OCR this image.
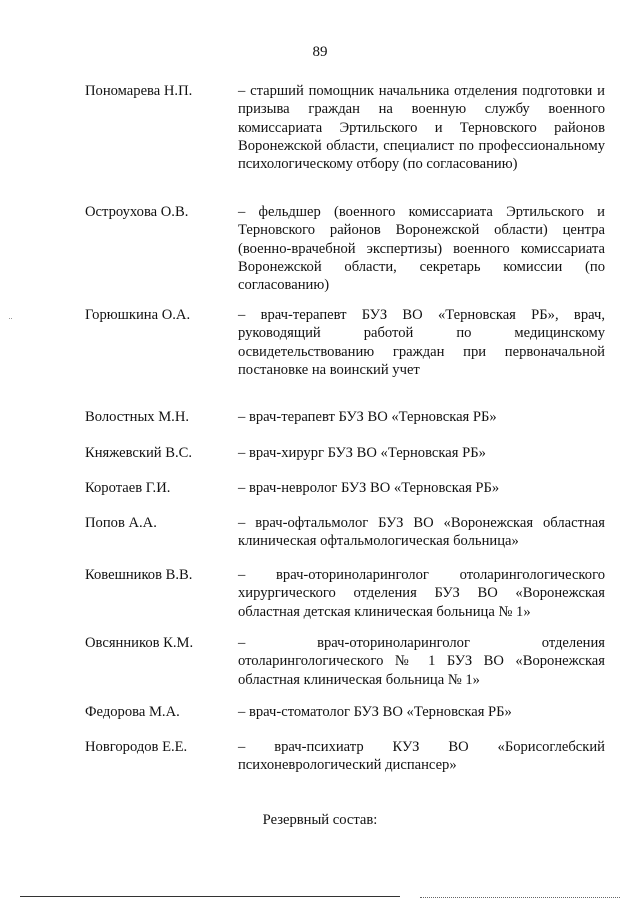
89
Пономарева Н.П.	– старший помощник начальника отделения подготовки и призыва граждан на военную службу военного комиссариата Эртильского и Терновского районов Воронежской области, специалист по профессиональному психологическому отбору (по согласованию)
Остроухова О.В.	– фельдшер (военного комиссариата Эртильского и Терновского районов Воронежской области) центра (военно-врачебной экспертизы) военного комиссариата Воронежской области, секретарь комиссии (по согласованию)
Горюшкина О.А.	– врач-терапевт БУЗ ВО «Терновская РБ», врач, руководящий работой по медицинскому освидетельствованию граждан при первоначальной постановке на воинский учет
Волостных М.Н.	– врач-терапевт БУЗ ВО «Терновская РБ»
Княжевский В.С.	– врач-хирург БУЗ ВО «Терновская РБ»
Коротаев Г.И.	– врач-невролог БУЗ ВО «Терновская РБ»
Попов А.А.	– врач-офтальмолог БУЗ ВО «Воронежская областная клиническая офтальмологическая больница»
Ковешников В.В.	– врач-оториноларинголог отоларингологического хирургического отделения БУЗ ВО «Воронежская областная детская клиническая больница № 1»
Овсянников К.М.	– врач-оториноларинголог отделения отоларингологического № 1 БУЗ ВО «Воронежская областная клиническая больница № 1»
Федорова М.А.	– врач-стоматолог БУЗ ВО «Терновская РБ»
Новгородов Е.Е.	– врач-психиатр КУЗ ВО «Борисоглебский психоневрологический диспансер»
Резервный состав:
